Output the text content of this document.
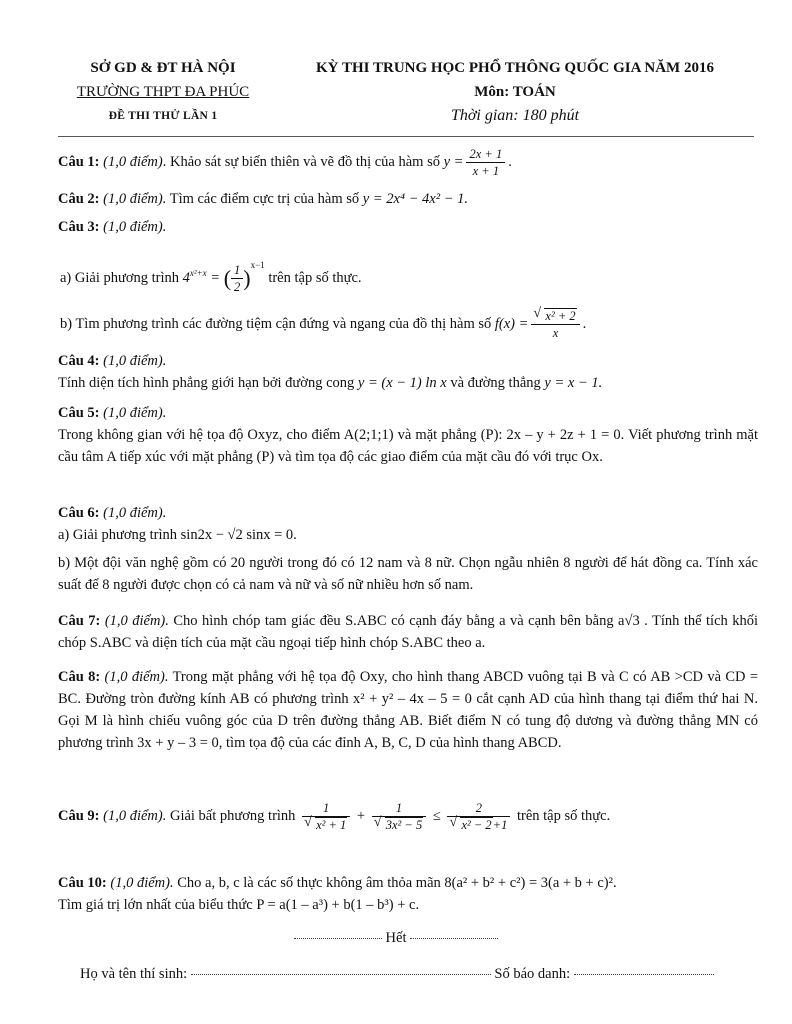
SỞ GD & ĐT HÀ NỘI
TRƯỜNG THPT ĐA PHÚC
ĐỀ THI THỬ LẦN 1
KỲ THI TRUNG HỌC PHỔ THÔNG QUỐC GIA NĂM 2016
Môn: TOÁN
Thời gian: 180 phút
Câu 1: (1,0 điểm). Khảo sát sự biến thiên và vẽ đồ thị của hàm số $y = \frac{2x + 1}{x + 1}$ .
Câu 2: (1,0 điểm). Tìm các điểm cực trị của hàm số y = 2x⁴ − 4x² − 1.
Câu 3: (1,0 điểm).
a) Giải phương trình $4^{x^2+x}$ = ( $\frac{1}{2} )^{x-1}$ trên tập số thực.
b) Tìm phương trình các đường tiệm cận đứng và ngang của đồ thị hàm số f(x) =
√ $\frac{\text{x² + 2}}{x}$ .
Câu 4: (1,0 điểm).
Tính diện tích hình phẳng giới hạn bởi đường cong y = (x − 1) ln x và đường thẳng y = x − 1.
Câu 5: (1,0 điểm).
Trong không gian với hệ tọa độ Oxyz, cho điểm A(2;1;1) và mặt phẳng (P): 2x – y + 2z + 1 = 0. Viết phương trình mặt cầu tâm A tiếp xúc với mặt phẳng (P) và tìm tọa độ các giao điểm của mặt cầu đó với trục Ox.
Câu 6: (1,0 điểm).
a) Giải phương trình sin2x − √2 sinx = 0.
b) Một đội văn nghệ gồm có 20 người trong đó có 12 nam và 8 nữ. Chọn ngẫu nhiên 8 người để hát đồng ca. Tính xác suất để 8 người được chọn có cả nam và nữ và số nữ nhiều hơn số nam.
Câu 7: (1,0 điểm). Cho hình chóp tam giác đều S.ABC có cạnh đáy bằng a và cạnh bên bằng a√3 . Tính thể tích khối chóp S.ABC và diện tích của mặt cầu ngoại tiếp hình chóp S.ABC theo a.
Câu 8: (1,0 điểm). Trong mặt phẳng với hệ tọa độ Oxy, cho hình thang ABCD vuông tại B và C có AB >CD và CD = BC. Đường tròn đường kính AB có phương trình x² + y² – 4x – 5 = 0 cắt cạnh AD của hình thang tại điểm thứ hai N. Gọi M là hình chiếu vuông góc của D trên đường thẳng AB. Biết điểm N có tung độ dương và đường thẳng MN có phương trình 3x + y – 3 = 0, tìm tọa độ của các đỉnh A, B, C, D của hình thang ABCD.
Câu 9: (1,0 điểm). Giải bất phương trình 1
√ x² + 1 + 1
√ 3x² − 5 ≤ 2
√ x² − 2+1 trên tập số thực.
Câu 10: (1,0 điểm). Cho a, b, c là các số thực không âm thỏa mãn 8(a² + b² + c²) = 3(a + b + c)².
Tìm giá trị lớn nhất của biểu thức P = a(1 – a³) + b(1 – b³) + c.
Hết
Họ và tên thí sinh:	Số báo danh:
